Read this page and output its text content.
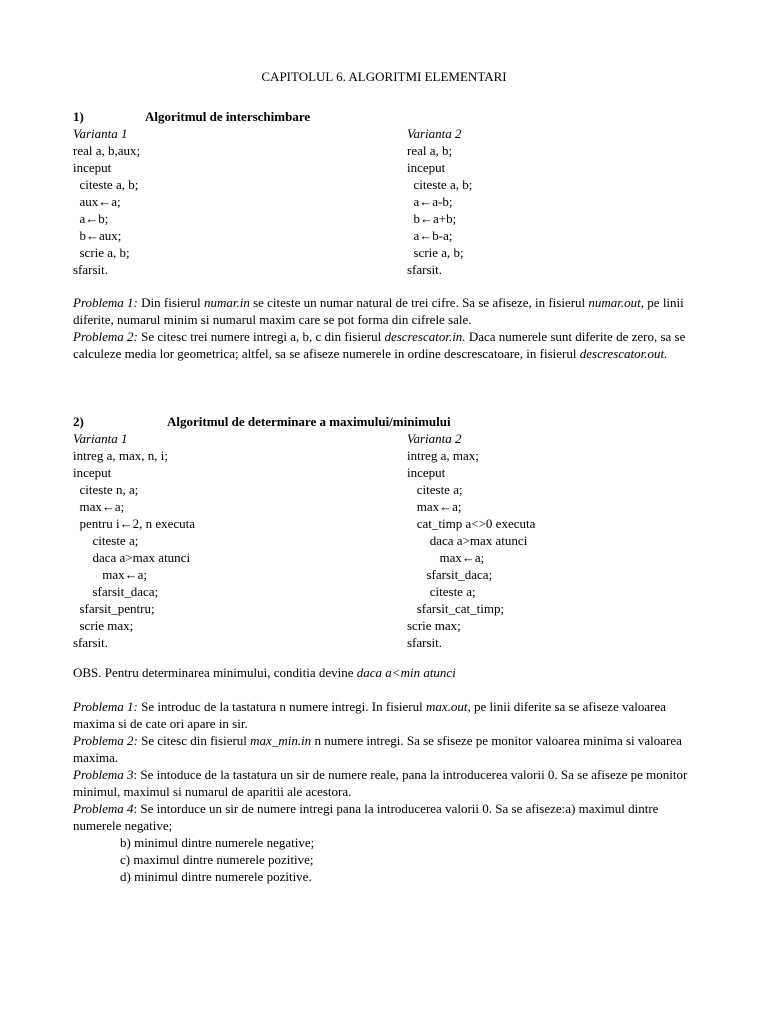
CAPITOLUL 6. ALGORITMI ELEMENTARI
1)	Algoritmul de interschimbare
Varianta 1	Varianta 2
real a, b,aux;
inceput
citeste a, b;
aux←a;
a←b;
b←aux;
scrie a, b;
sfarsit.
real a, b;
inceput
citeste a, b;
a←a-b;
b←a+b;
a←b-a;
scrie a, b;
sfarsit.
Problema 1: Din fisierul numar.in se citeste un numar natural de trei cifre. Sa se afiseze, in fisierul numar.out, pe linii diferite, numarul minim si numarul maxim care se pot forma din cifrele sale.
Problema 2: Se citesc trei numere intregi a, b, c din fisierul descrescator.in. Daca numerele sunt diferite de zero, sa se calculeze media lor geometrica; altfel, sa se afiseze numerele in ordine descrescatoare, in fisierul descrescator.out.
2)	Algoritmul de determinare a maximului/minimului
Varianta 1	Varianta 2
intreg a, max, n, i;
inceput
citeste n, a;
max←a;
pentru i←2, n executa
citeste a;
daca a>max atunci
max←a;
sfarsit_daca;
sfarsit_pentru;
scrie max;
sfarsit.
intreg a, max;
inceput
citeste a;
max←a;
cat_timp a<>0 executa
daca a>max atunci
max←a;
sfarsit_daca;
citeste a;
sfarsit_cat_timp;
scrie max;
sfarsit.
OBS. Pentru determinarea minimului, conditia devine daca a<min atunci
Problema 1: Se introduc de la tastatura n numere intregi. In fisierul max.out, pe linii diferite sa se afiseze valoarea maxima si de cate ori apare in sir.
Problema 2: Se citesc din fisierul max_min.in n numere intregi. Sa se sfiseze pe monitor valoarea minima si valoarea maxima.
Problema 3: Se intoduce de la tastatura un sir de numere reale, pana la introducerea valorii 0. Sa se afiseze pe monitor minimul, maximul si numarul de aparitii ale acestora.
Problema 4: Se intorduce un sir de numere intregi pana la introducerea valorii 0. Sa se afiseze:a) maximul dintre numerele negative;
b) minimul dintre numerele negative;
c) maximul dintre numerele pozitive;
d) minimul dintre numerele pozitive.
